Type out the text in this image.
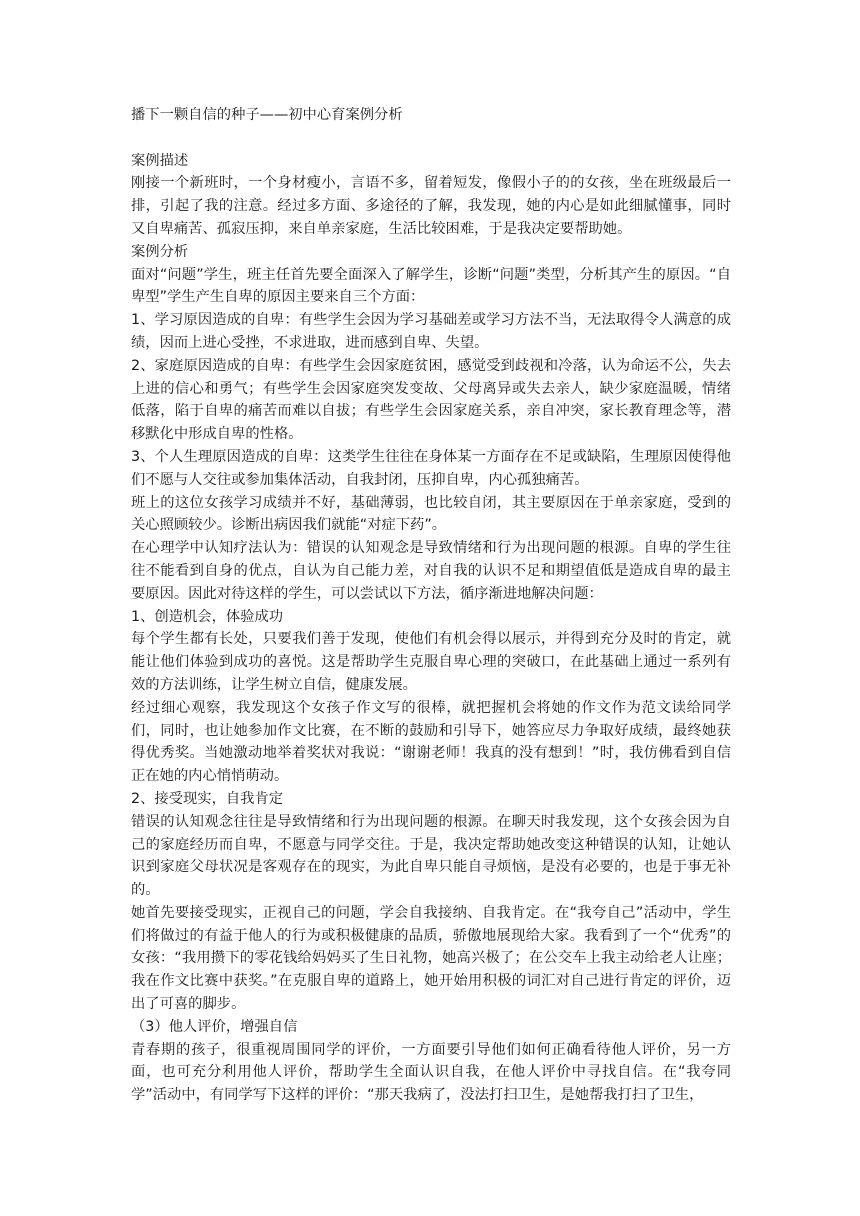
播下一颗自信的种子——初中心育案例分析

案例描述

刚接一个新班时，一个身材瘦小，言语不多，留着短发，像假小子的的女孩，坐在班级最后一排，引起了我的注意。经过多方面、多途径的了解，我发现，她的内心是如此细腻懂事，同时又自卑痛苦、孤寂压抑，来自单亲家庭，生活比较困难，于是我决定要帮助她。

案例分析

面对“问题”学生，班主任首先要全面深入了解学生，诊断“问题”类型，分析其产生的原因。“自卑型”学生产生自卑的原因主要来自三个方面：

1、学习原因造成的自卑：有些学生会因为学习基础差或学习方法不当，无法取得令人满意的成绩，因而上进心受挫，不求进取，进而感到自卑、失望。

2、家庭原因造成的自卑：有些学生会因家庭贫困，感觉受到歧视和冷落，认为命运不公，失去上进的信心和勇气；有些学生会因家庭突发变故、父母离异或失去亲人，缺少家庭温暖，情绪低落，陷于自卑的痛苦而难以自拔；有些学生会因家庭关系，亲自冲突，家长教育理念等，潜移默化中形成自卑的性格。

3、个人生理原因造成的自卑：这类学生往往在身体某一方面存在不足或缺陷，生理原因使得他们不愿与人交往或参加集体活动，自我封闭，压抑自卑，内心孤独痛苦。

班上的这位女孩学习成绩并不好，基础薄弱，也比较自闭，其主要原因在于单亲家庭，受到的关心照顾较少。诊断出病因我们就能“对症下药”。

在心理学中认知疗法认为：错误的认知观念是导致情绪和行为出现问题的根源。自卑的学生往往不能看到自身的优点，自认为自己能力差，对自我的认识不足和期望值低是造成自卑的最主要原因。因此对待这样的学生，可以尝试以下方法，循序渐进地解决问题：

1、创造机会，体验成功

每个学生都有长处，只要我们善于发现，使他们有机会得以展示，并得到充分及时的肯定，就能让他们体验到成功的喜悦。这是帮助学生克服自卑心理的突破口，在此基础上通过一系列有效的方法训练，让学生树立自信，健康发展。

经过细心观察，我发现这个女孩子作文写的很棒，就把握机会将她的作文作为范文读给同学们，同时，也让她参加作文比赛，在不断的鼓励和引导下，她答应尽力争取好成绩，最终她获得优秀奖。当她激动地举着奖状对我说：“谢谢老师！我真的没有想到！”时，我仿佛看到自信正在她的内心悄悄萌动。

2、接受现实，自我肯定

错误的认知观念往往是导致情绪和行为出现问题的根源。在聊天时我发现，这个女孩会因为自己的家庭经历而自卑，不愿意与同学交往。于是，我决定帮助她改变这种错误的认知，让她认识到家庭父母状况是客观存在的现实，为此自卑只能自寻烦恼，是没有必要的，也是于事无补的。

她首先要接受现实，正视自己的问题，学会自我接纳、自我肯定。在“我夸自己”活动中，学生们将做过的有益于他人的行为或积极健康的品质，骄傲地展现给大家。我看到了一个“优秀”的女孩：“我用攒下的零花钱给妈妈买了生日礼物，她高兴极了；在公交车上我主动给老人让座；我在作文比赛中获奖。”在克服自卑的道路上，她开始用积极的词汇对自己进行肯定的评价，迈出了可喜的脚步。

（3）他人评价，增强自信

青春期的孩子，很重视周围同学的评价，一方面要引导他们如何正确看待他人评价，另一方面，也可充分利用他人评价，帮助学生全面认识自我，在他人评价中寻找自信。在“我夸同学”活动中，有同学写下这样的评价：“那天我病了，没法打扫卫生，是她帮我打扫了卫生，
